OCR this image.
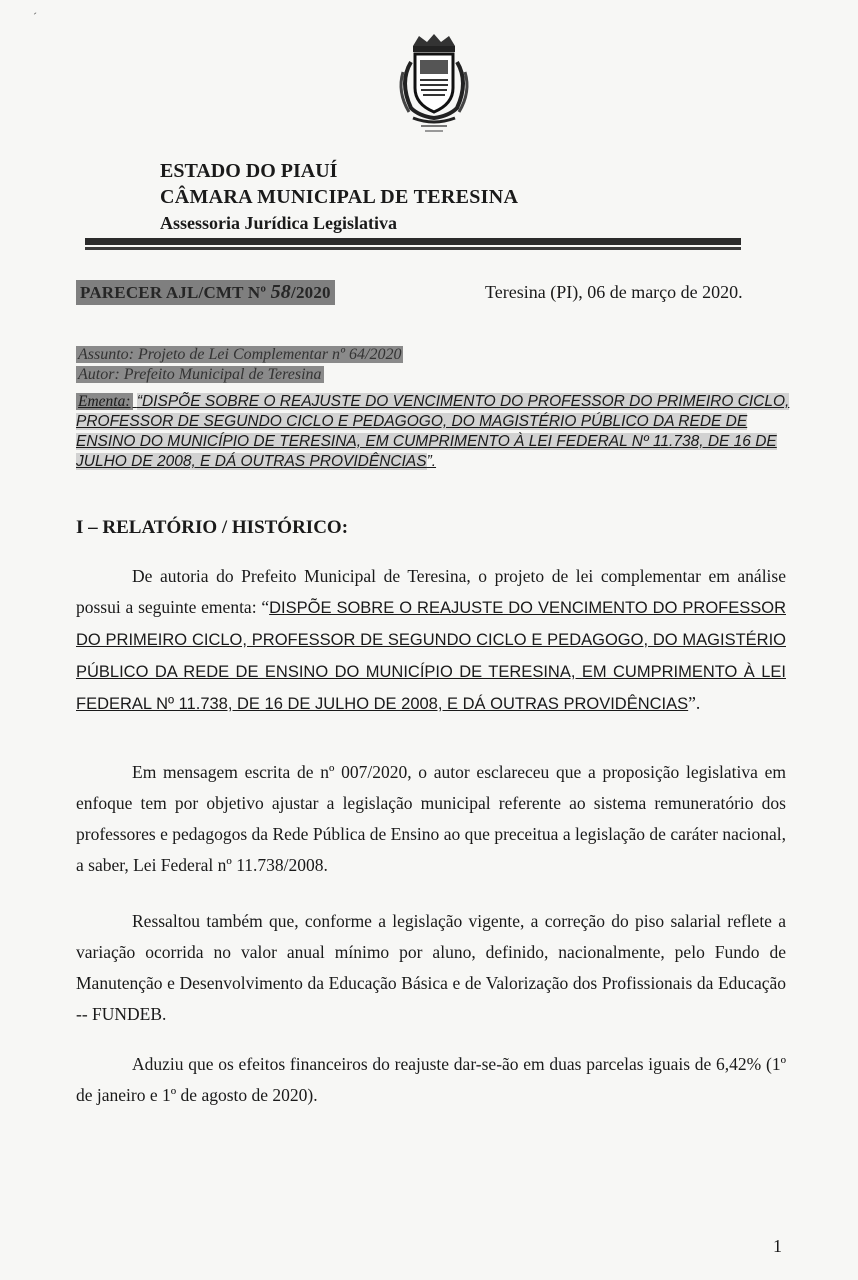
´
ESTADO DO PIAUÍ
CÂMARA MUNICIPAL DE TERESINA
Assessoria Jurídica Legislativa
PARECER AJL/CMT Nº 58/2020	Teresina (PI), 06 de março de 2020.
Assunto: Projeto de Lei Complementar nº 64/2020
Autor: Prefeito Municipal de Teresina
Ementa: “DISPÕE SOBRE O REAJUSTE DO VENCIMENTO DO PROFESSOR DO PRIMEIRO CICLO, PROFESSOR DE SEGUNDO CICLO E PEDAGOGO, DO MAGISTÉRIO PÚBLICO DA REDE DE ENSINO DO MUNICÍPIO DE TERESINA, EM CUMPRIMENTO À LEI FEDERAL Nº 11.738, DE 16 DE JULHO DE 2008, E DÁ OUTRAS PROVIDÊNCIAS”.
I – RELATÓRIO / HISTÓRICO:
De autoria do Prefeito Municipal de Teresina, o projeto de lei complementar em análise possui a seguinte ementa: “DISPÕE SOBRE O REAJUSTE DO VENCIMENTO DO PROFESSOR DO PRIMEIRO CICLO, PROFESSOR DE SEGUNDO CICLO E PEDAGOGO, DO MAGISTÉRIO PÚBLICO DA REDE DE ENSINO DO MUNICÍPIO DE TERESINA, EM CUMPRIMENTO À LEI FEDERAL Nº 11.738, DE 16 DE JULHO DE 2008, E DÁ OUTRAS PROVIDÊNCIAS”.
Em mensagem escrita de nº 007/2020, o autor esclareceu que a proposição legislativa em enfoque tem por objetivo ajustar a legislação municipal referente ao sistema remuneratório dos professores e pedagogos da Rede Pública de Ensino ao que preceitua a legislação de caráter nacional, a saber, Lei Federal nº 11.738/2008.
Ressaltou também que, conforme a legislação vigente, a correção do piso salarial reflete a variação ocorrida no valor anual mínimo por aluno, definido, nacionalmente, pelo Fundo de Manutenção e Desenvolvimento da Educação Básica e de Valorização dos Profissionais da Educação -- FUNDEB.
Aduziu que os efeitos financeiros do reajuste dar-se-ão em duas parcelas iguais de 6,42% (1º de janeiro e 1º de agosto de 2020).
1
